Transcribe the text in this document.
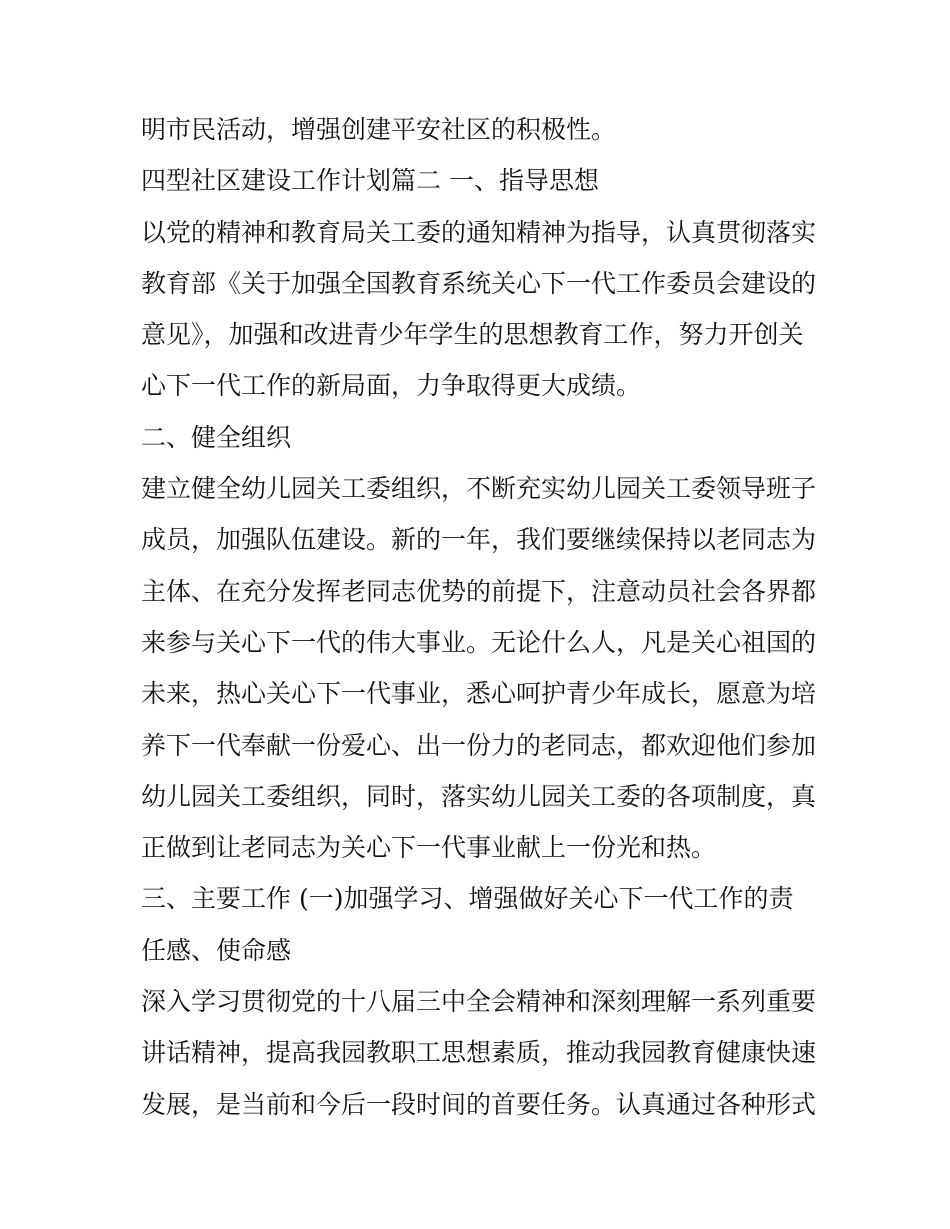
明市民活动，增强创建平安社区的积极性。
四型社区建设工作计划篇二 一、指导思想
以党的精神和教育局关工委的通知精神为指导，认真贯彻落实
教育部《关于加强全国教育系统关心下一代工作委员会建设的
意见》，加强和改进青少年学生的思想教育工作，努力开创关
心下一代工作的新局面，力争取得更大成绩。
二、健全组织
建立健全幼儿园关工委组织，不断充实幼儿园关工委领导班子
成员，加强队伍建设。新的一年，我们要继续保持以老同志为
主体、在充分发挥老同志优势的前提下，注意动员社会各界都
来参与关心下一代的伟大事业。无论什么人，凡是关心祖国的
未来，热心关心下一代事业，悉心呵护青少年成长，愿意为培
养下一代奉献一份爱心、出一份力的老同志，都欢迎他们参加
幼儿园关工委组织，同时，落实幼儿园关工委的各项制度，真
正做到让老同志为关心下一代事业献上一份光和热。
三、主要工作 (一)加强学习、增强做好关心下一代工作的责
任感、使命感
深入学习贯彻党的十八届三中全会精神和深刻理解一系列重要
讲话精神，提高我园教职工思想素质，推动我园教育健康快速
发展，是当前和今后一段时间的首要任务。认真通过各种形式
